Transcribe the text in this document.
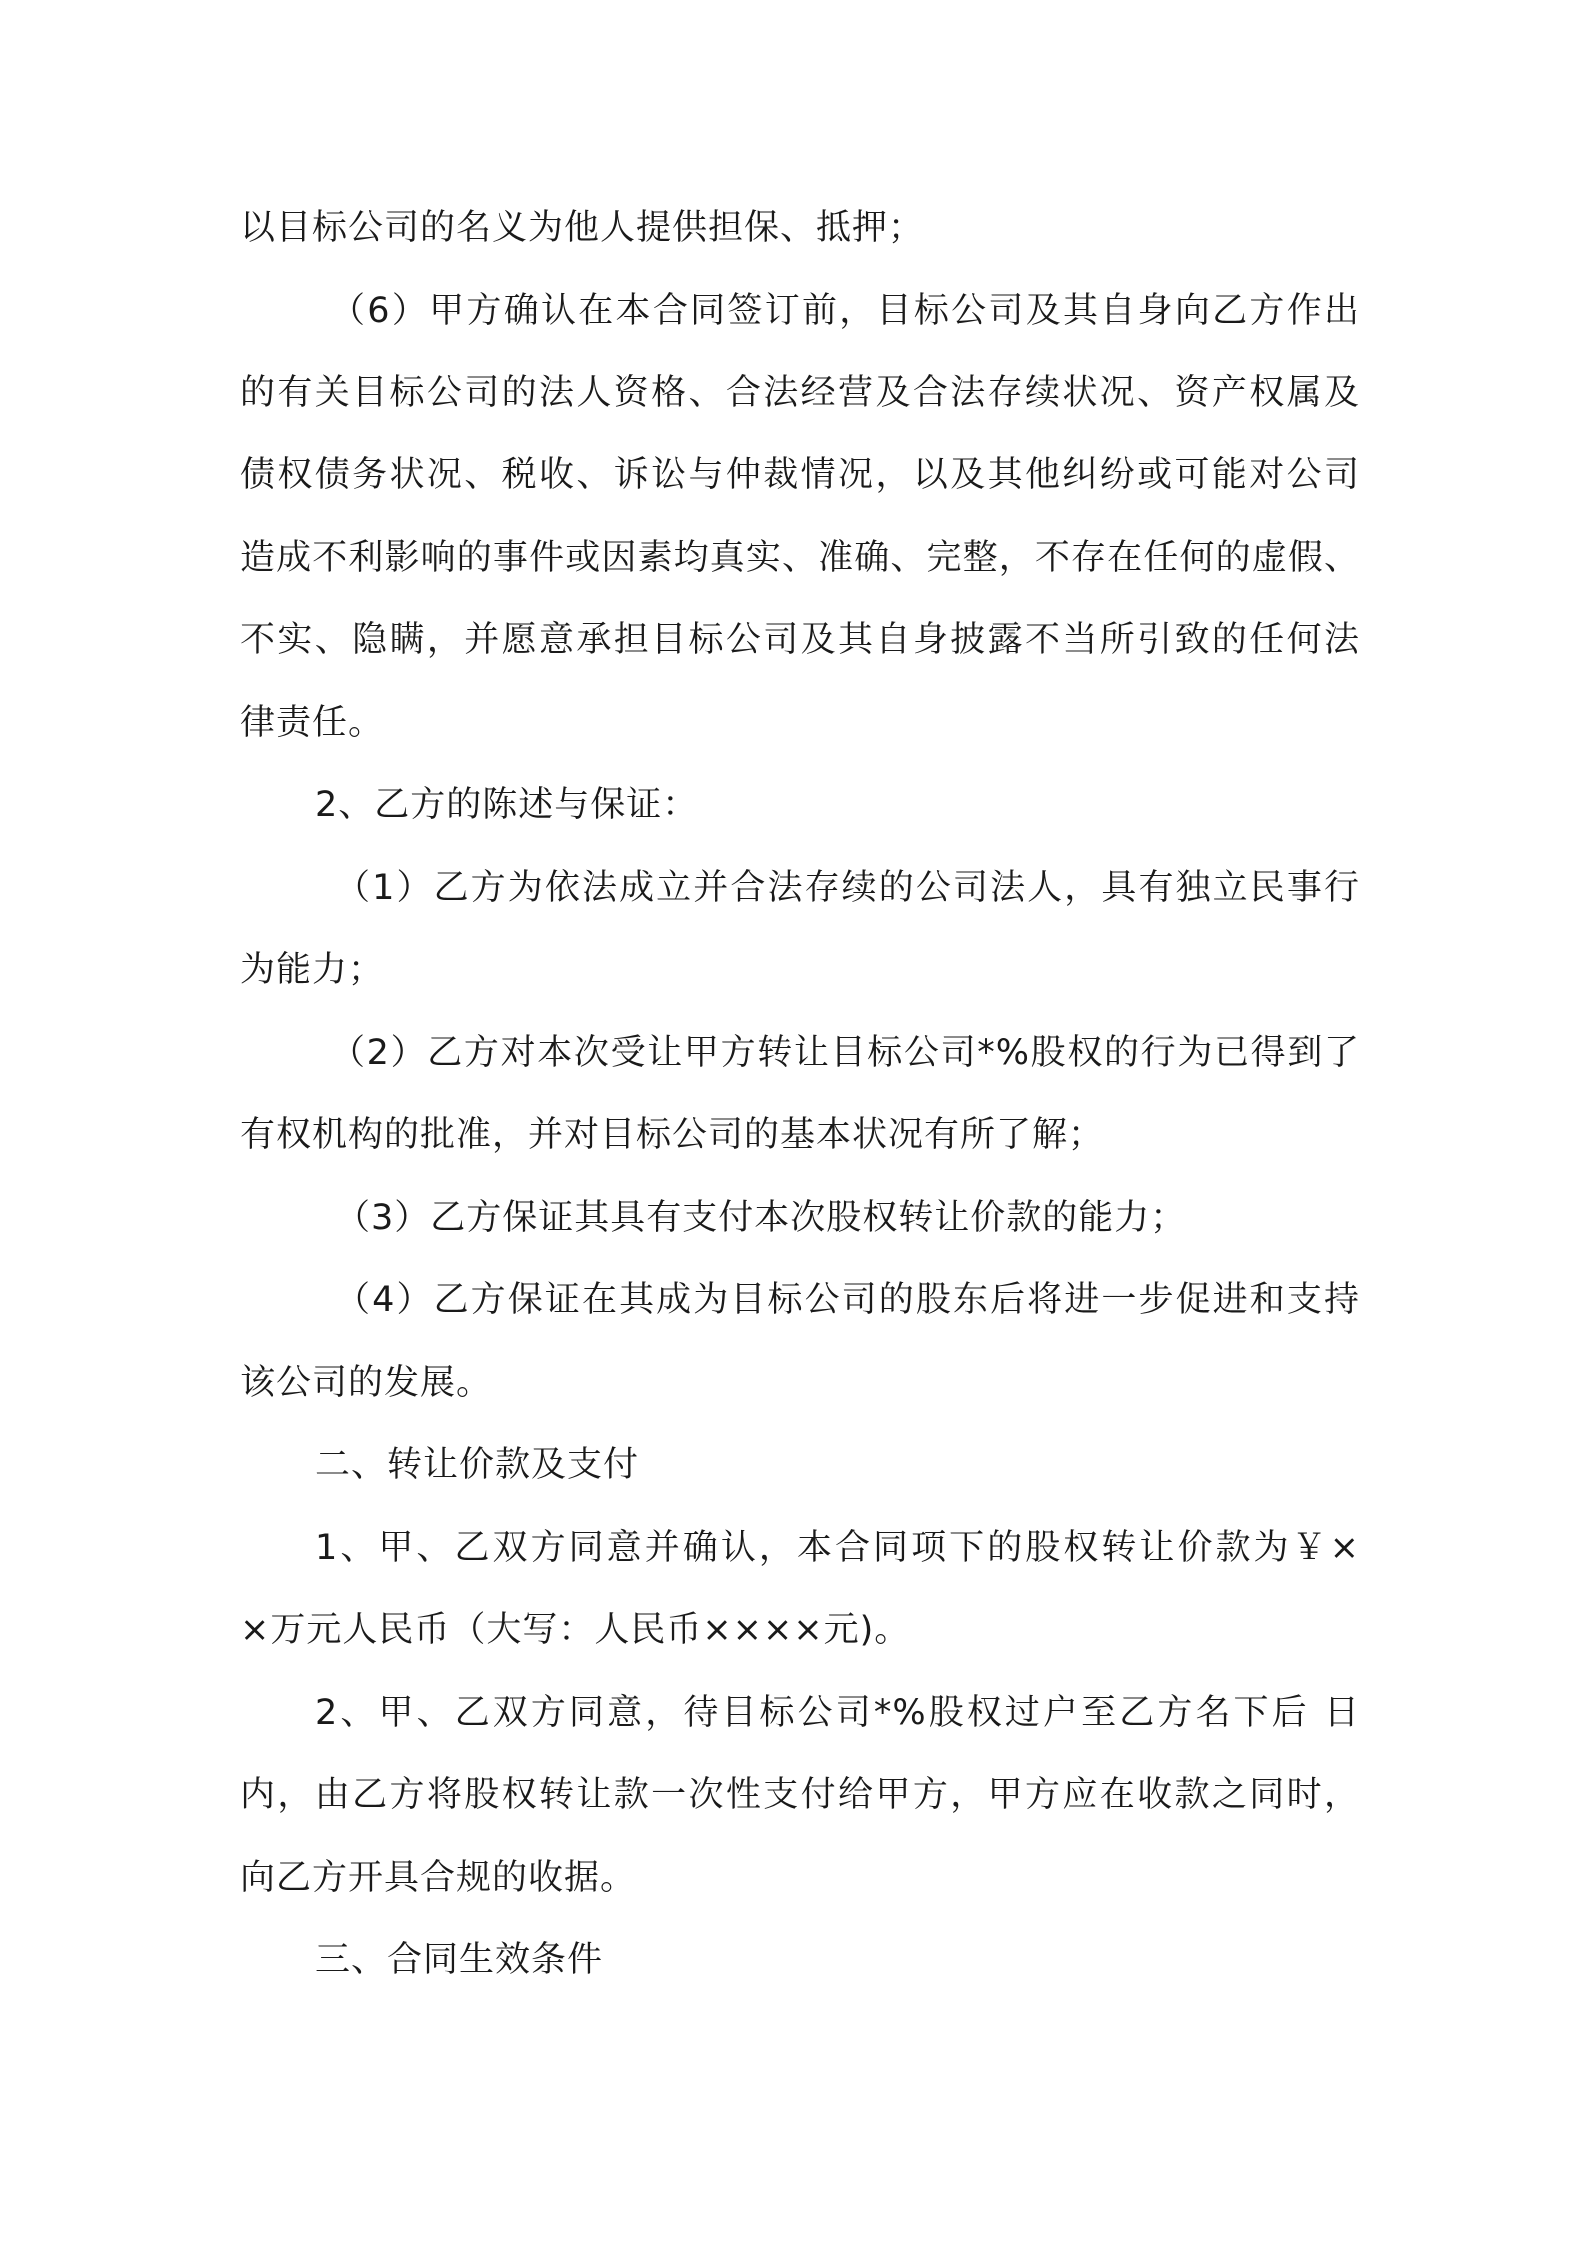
以目标公司的名义为他人提供担保、抵押；
（6）甲方确认在本合同签订前，目标公司及其自身向乙方作出
的有关目标公司的法人资格、合法经营及合法存续状况、资产权属及
债权债务状况、税收、诉讼与仲裁情况，以及其他纠纷或可能对公司
造成不利影响的事件或因素均真实、准确、完整，不存在任何的虚假、
不实、隐瞒，并愿意承担目标公司及其自身披露不当所引致的任何法
律责任。
2、乙方的陈述与保证：
（1）乙方为依法成立并合法存续的公司法人，具有独立民事行
为能力；
（2）乙方对本次受让甲方转让目标公司*%股权的行为已得到了
有权机构的批准，并对目标公司的基本状况有所了解；
（3）乙方保证其具有支付本次股权转让价款的能力；
（4）乙方保证在其成为目标公司的股东后将进一步促进和支持
该公司的发展。
二、转让价款及支付
1、甲、乙双方同意并确认，本合同项下的股权转让价款为￥×
×万元人民币（大写：人民币××××元)。
2、甲、乙双方同意，待目标公司*%股权过户至乙方名下后 日
内，由乙方将股权转让款一次性支付给甲方，甲方应在收款之同时，
向乙方开具合规的收据。
三、合同生效条件
